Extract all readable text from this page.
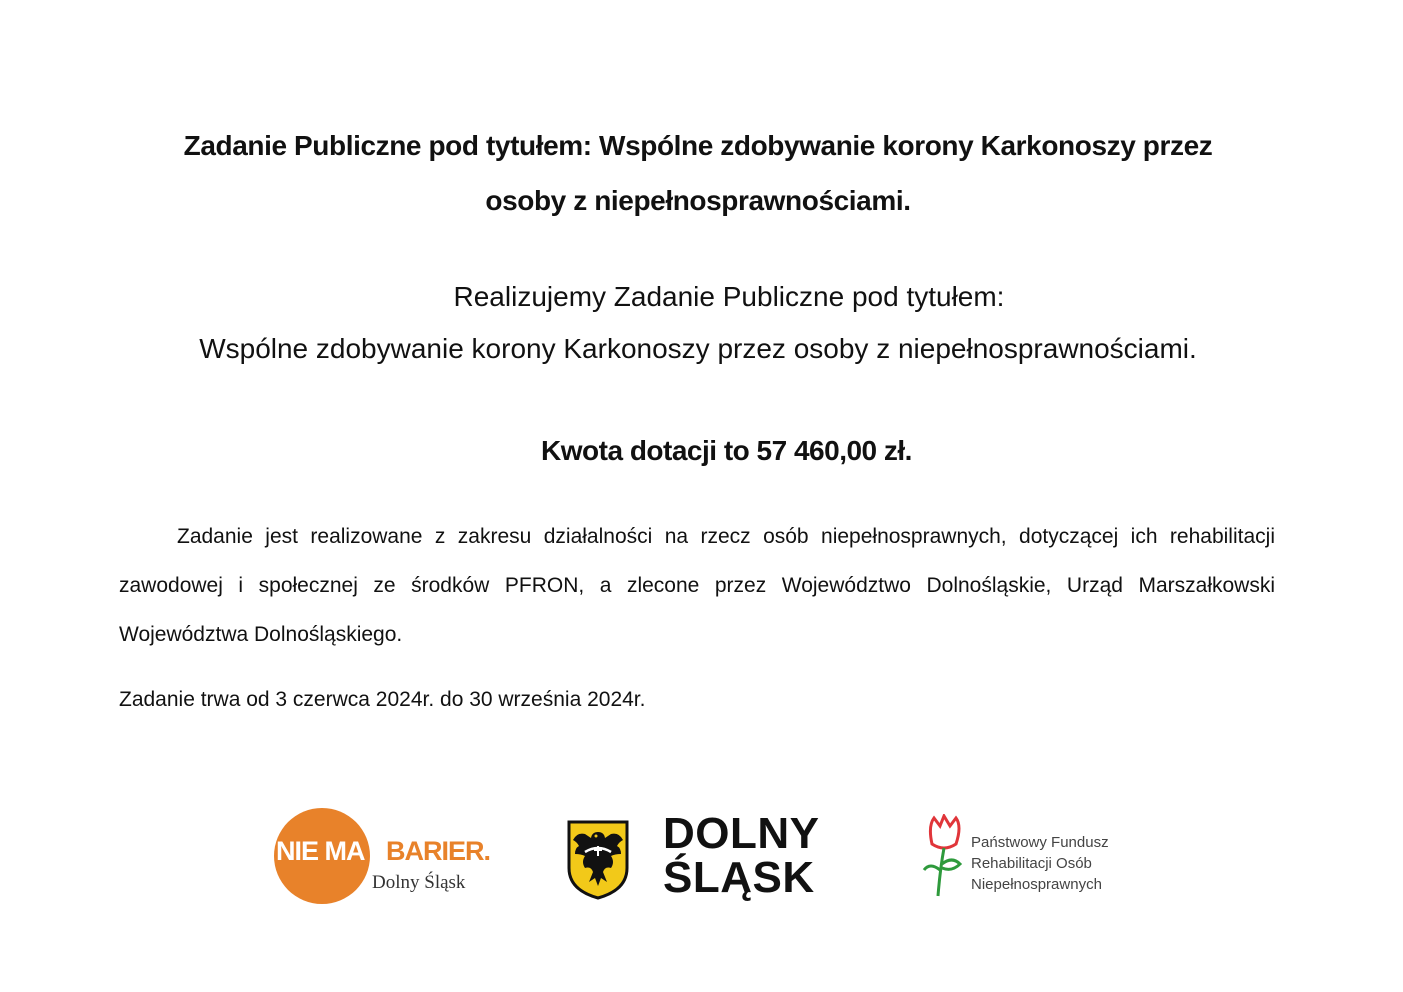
Zadanie Publiczne pod tytułem: Wspólne zdobywanie korony Karkonoszy przez
osoby z niepełnosprawnościami.
Realizujemy Zadanie Publiczne pod tytułem:
Wspólne zdobywanie korony Karkonoszy przez osoby z niepełnosprawnościami.
Kwota dotacji to 57 460,00 zł.
Zadanie jest realizowane z zakresu działalności na rzecz osób niepełnosprawnych, dotyczącej ich rehabilitacji zawodowej i społecznej ze środków PFRON, a zlecone przez Województwo Dolnośląskie, Urząd Marszałkowski Województwa Dolnośląskiego.
Zadanie trwa od 3 czerwca 2024r. do 30 września 2024r.
NIE MA BARIER.
Dolny Śląsk
DOLNY
ŚLĄSK
Państwowy Fundusz
Rehabilitacji Osób
Niepełnosprawnych
